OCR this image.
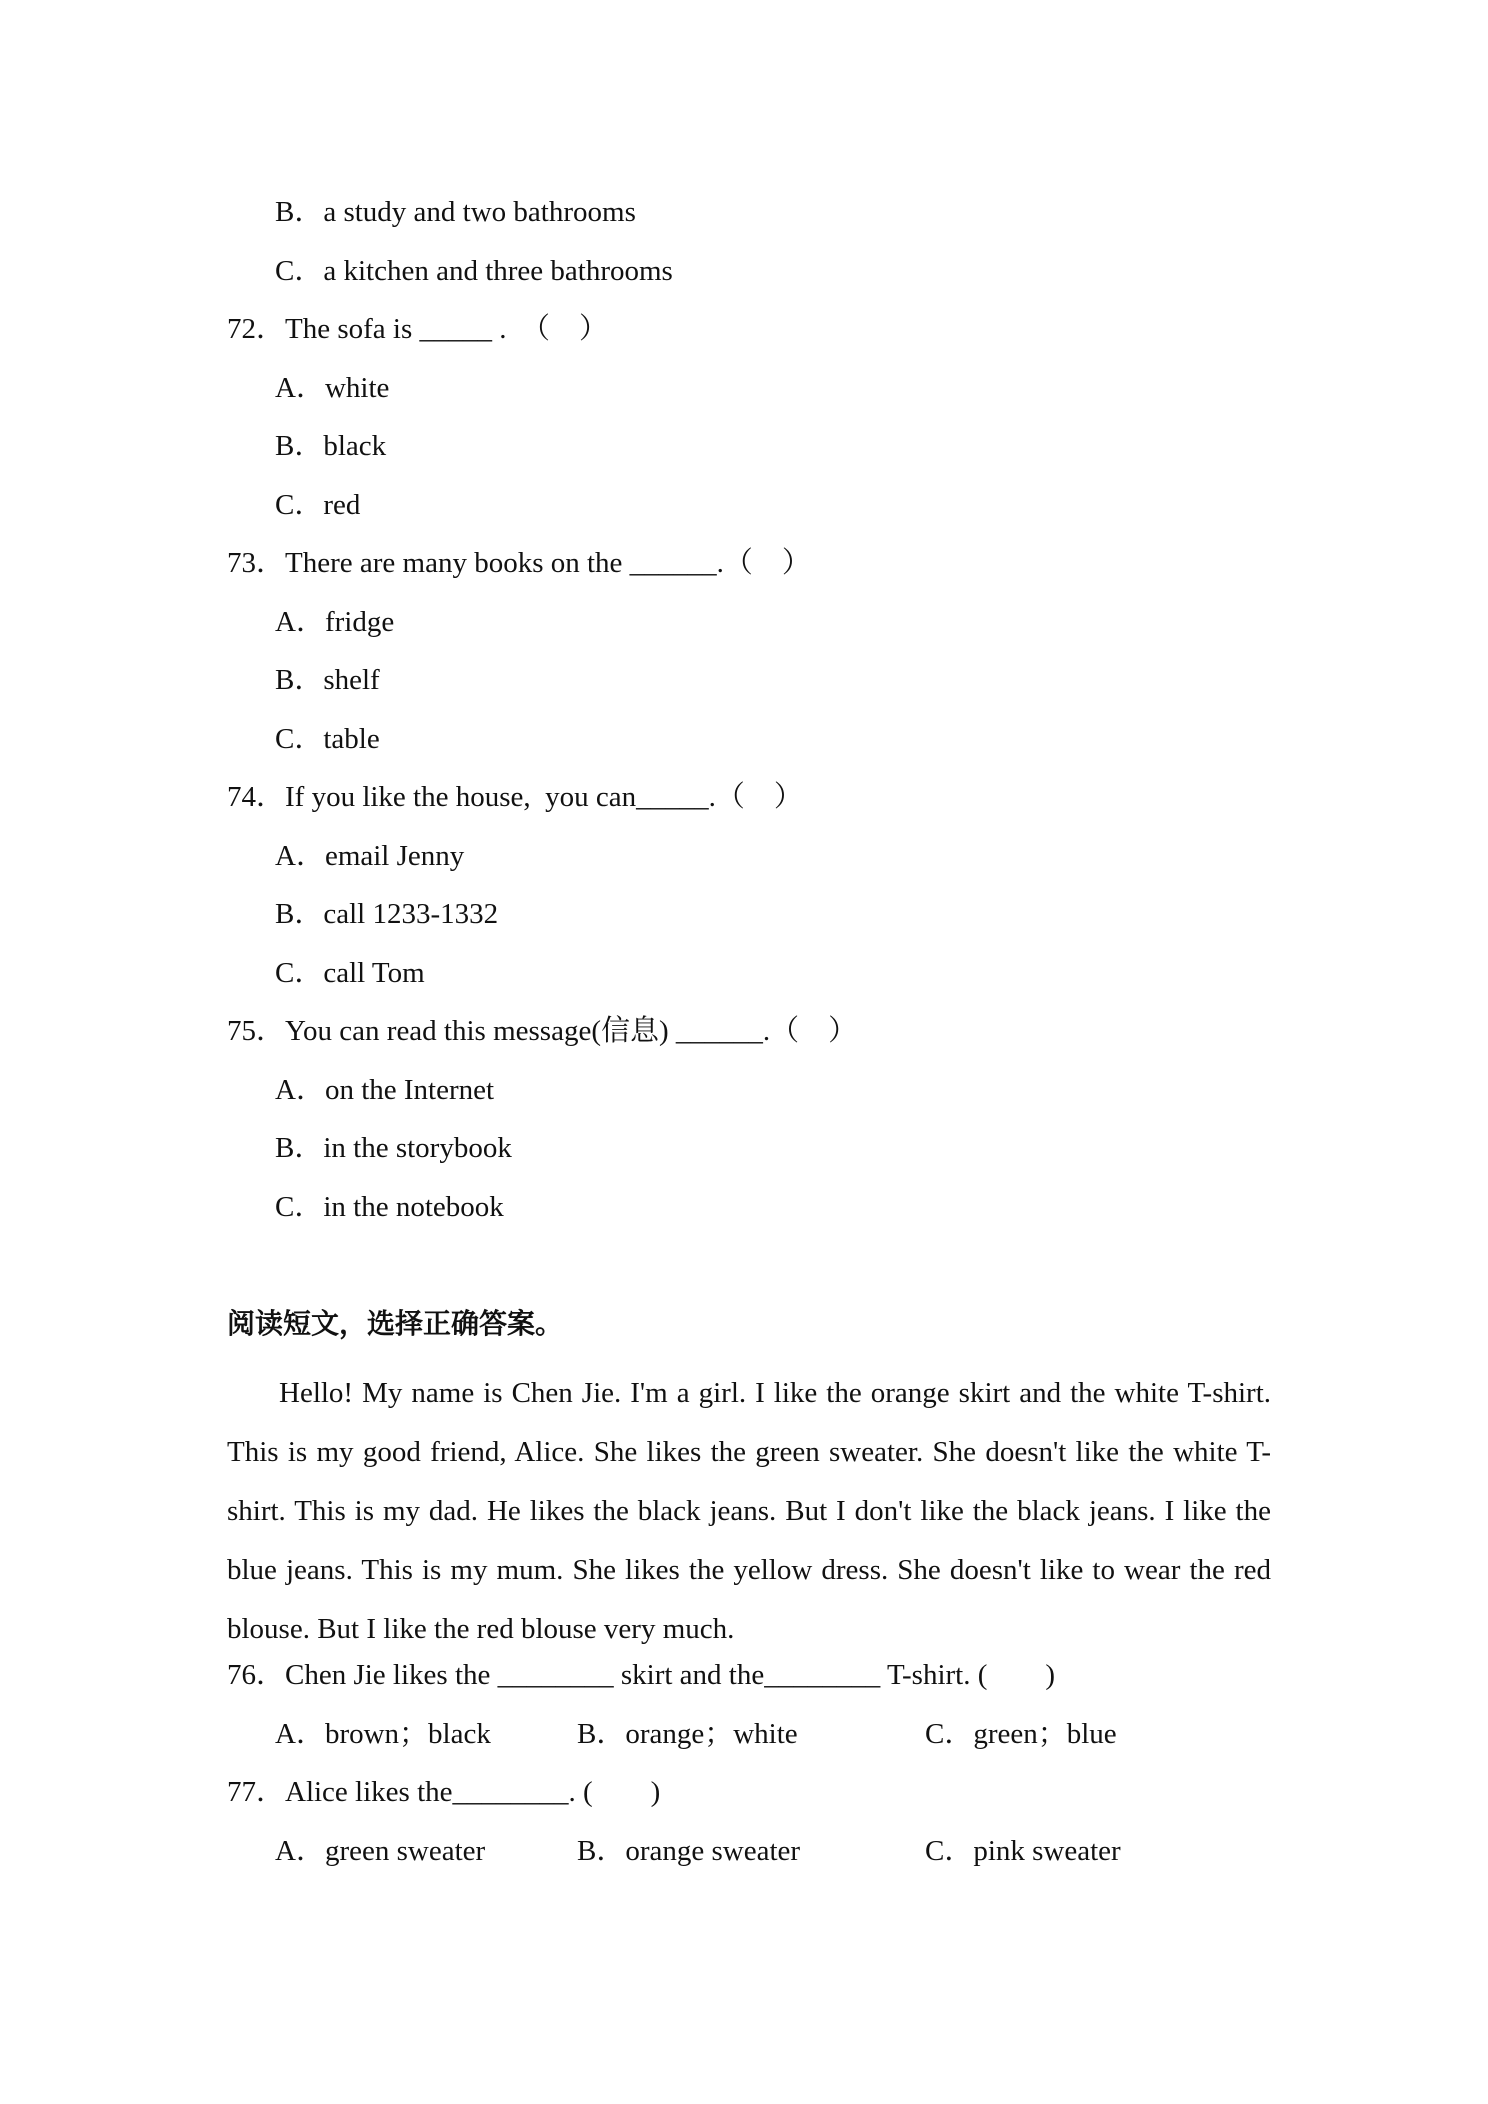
B．a study and two bathrooms
C．a kitchen and three bathrooms
72．The sofa is _____ .  （    ）
A．white
B．black
C．red
73．There are many books on the ______.（    ）
A．fridge
B．shelf
C．table
74．If you like the house,  you can_____.（    ）
A．email Jenny
B．call 1233-1332
C．call Tom
75．You can read this message(信息) ______.（    ）
A．on the Internet
B．in the storybook
C．in the notebook
阅读短文，选择正确答案。
Hello! My name is Chen Jie. I'm a girl. I like the orange skirt and the white T-shirt. This is my good friend, Alice. She likes the green sweater. She doesn't like the white T-shirt. This is my dad. He likes the black jeans. But I don't like the black jeans. I like the blue jeans. This is my mum. She likes the yellow dress. She doesn't like to wear the red blouse. But I like the red blouse very much.
76．Chen Jie likes the ________ skirt and the________ T-shirt. (        )
A．brown；black	B．orange；white	C．green；blue
77．Alice likes the________. (        )
A．green sweater	B．orange sweater	C．pink sweater
